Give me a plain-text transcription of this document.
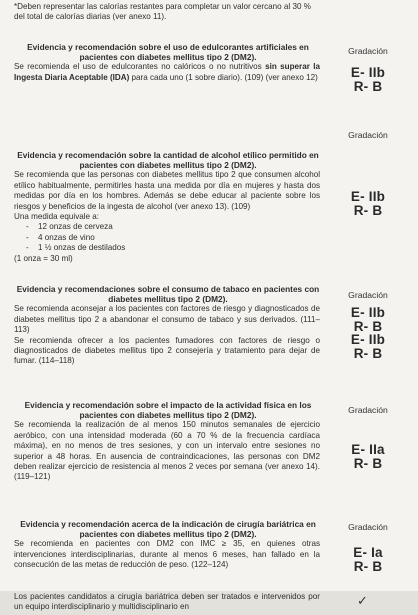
*Deben representar las calorías restantes para completar un valor cercano al 30 % del total de calorías diarias (ver anexo 11).

Evidencia y recomendación sobre el uso de edulcorantes artificiales en pacientes con diabetes mellitus tipo 2 (DM2).

Se recomienda el uso de edulcorantes no calóricos o no nutritivos sin superar la Ingesta Diaria Aceptable (IDA) para cada uno (1 sobre diario). (109) (ver anexo 12)

Gradación
E- IIb
R- B

Evidencia y recomendación sobre la cantidad de alcohol etílico permitido en pacientes con diabetes mellitus tipo 2 (DM2).

Se recomienda que las personas con diabetes mellitus tipo 2 que consumen alcohol etílico habitualmente, permitirles hasta una medida por día en mujeres y hasta dos medidas por día en los hombres. Además se debe educar al paciente sobre los riesgos y beneficios de la ingesta de alcohol (ver anexo 13). (109)

Una medida equivale a:

- 12 onzas de cerveza
- 4 onzas de vino
- 1 ½ onzas de destilados

(1 onza = 30 ml)

Gradación
E- IIb
R- B

Evidencia y recomendaciones sobre el consumo de tabaco en pacientes con diabetes mellitus tipo 2 (DM2).

Se recomienda aconsejar a los pacientes con factores de riesgo y diagnosticados de diabetes mellitus tipo 2 a abandonar el consumo de tabaco y sus derivados. (111–113)

Se recomienda ofrecer a los pacientes fumadores con factores de riesgo o diagnosticados de diabetes mellitus tipo 2 consejería y tratamiento para dejar de fumar. (114–118)

Gradación
E- IIb
R- B
E- IIb
R- B

Evidencia y recomendación sobre el impacto de la actividad física en los pacientes con diabetes mellitus tipo 2 (DM2).

Se recomienda la realización de al menos 150 minutos semanales de ejercicio aeróbico, con una intensidad moderada (60 a 70 % de la frecuencia cardíaca máxima), en no menos de tres sesiones, y con un intervalo entre sesiones no superior a 48 horas. En ausencia de contraindicaciones, las personas con DM2 deben realizar ejercicio de resistencia al menos 2 veces por semana (ver anexo 14). (119–121)

Gradación
E- IIa
R- B

Evidencia y recomendación acerca de la indicación de cirugía bariátrica en pacientes con diabetes mellitus tipo 2 (DM2).

Se recomienda en pacientes con DM2 con IMC ≥ 35, en quienes otras intervenciones interdisciplinarias, durante al menos 6 meses, han fallado en la consecución de las metas de reducción de peso. (122–124)

Gradación
E- Ia
R- B

Los pacientes candidatos a cirugía bariátrica deben ser tratados e intervenidos por un equipo interdisciplinario y multidisciplinario en	✓
